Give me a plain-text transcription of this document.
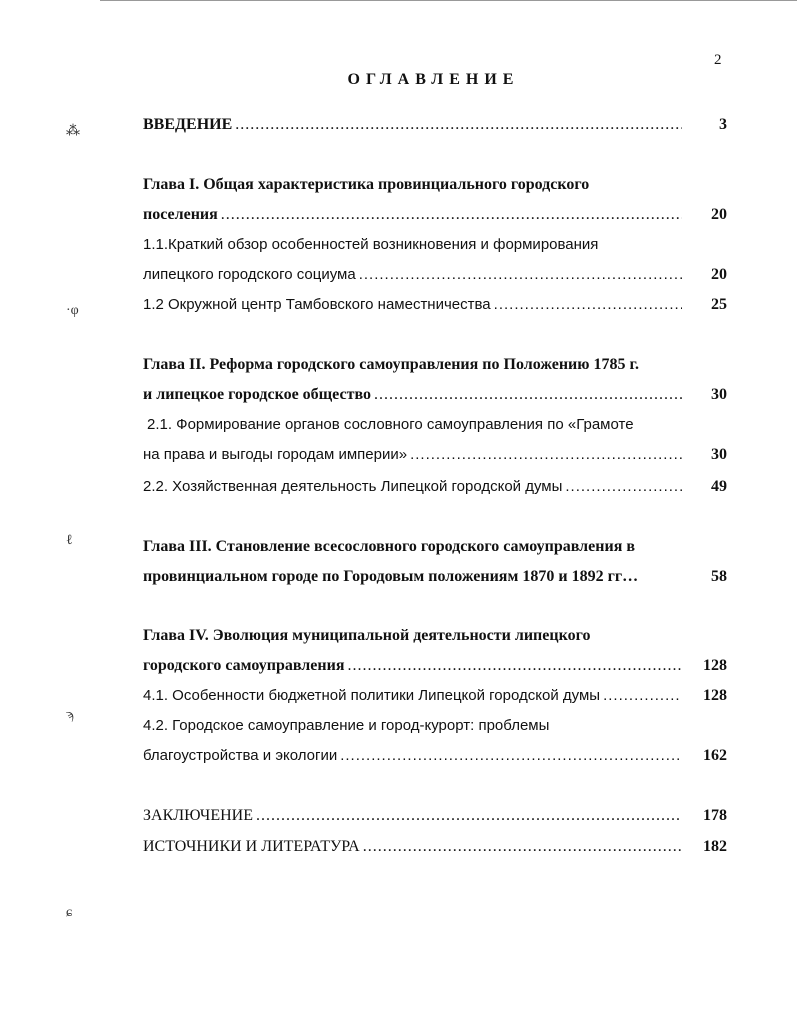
2
ОГЛАВЛЕНИЕ
ВВЕДЕНИЕ .....	3
⁂
Глава I. Общая характеристика провинциального городского
поселения .....	20
1.1.Краткий обзор особенностей возникновения и формирования
липецкого городского социума .....	20
1.2 Окружной центр Тамбовского наместничества .....	25
·φ
Глава II. Реформа городского самоуправления по Положению 1785 г.
и липецкое городское общество .....	30
2.1. Формирование органов сословного самоуправления по «Грамоте
на права и выгоды городам империи» .....	30
2.2. Хозяйственная деятельность Липецкой городской думы .....	49
ℓ	Глава III. Становление всесословного городского самоуправления в
провинциальном городе по Городовым положениям 1870 и 1892 гг…	58
Глава IV. Эволюция муниципальной деятельности липецкого
городского самоуправления .....	128
4.1. Особенности бюджетной политики Липецкой городской думы .....	128
ϡ
4.2. Городское самоуправление и город-курорт: проблемы
благоустройства и экологии .....	162
ЗАКЛЮЧЕНИЕ .....	178
ИСТОЧНИКИ И ЛИТЕРАТУРА .....	182
ɕ
